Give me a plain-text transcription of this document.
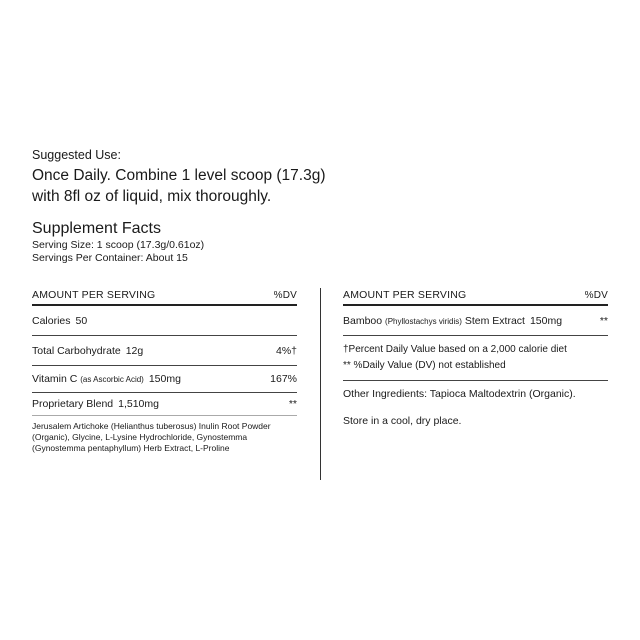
Suggested Use:
Once Daily. Combine 1 level scoop (17.3g)
with 8fl oz of liquid, mix thoroughly.
Supplement Facts
Serving Size: 1 scoop (17.3g/0.61oz)
Servings Per Container: About 15
AMOUNT PER SERVING	%DV
Calories 50
Total Carbohydrate 12g	4%†
Vitamin C (as Ascorbic Acid) 150mg	167%
Proprietary Blend 1,510mg	**
Jerusalem Artichoke (Helianthus tuberosus) Inulin Root Powder (Organic), Glycine, L-Lysine Hydrochloride, Gynostemma (Gynostemma pentaphyllum) Herb Extract, L-Proline
AMOUNT PER SERVING	%DV
Bamboo (Phyllostachys viridis) Stem Extract 150mg	**
†Percent Daily Value based on a 2,000 calorie diet
** %Daily Value (DV) not established
Other Ingredients: Tapioca Maltodextrin (Organic).
Store in a cool, dry place.
